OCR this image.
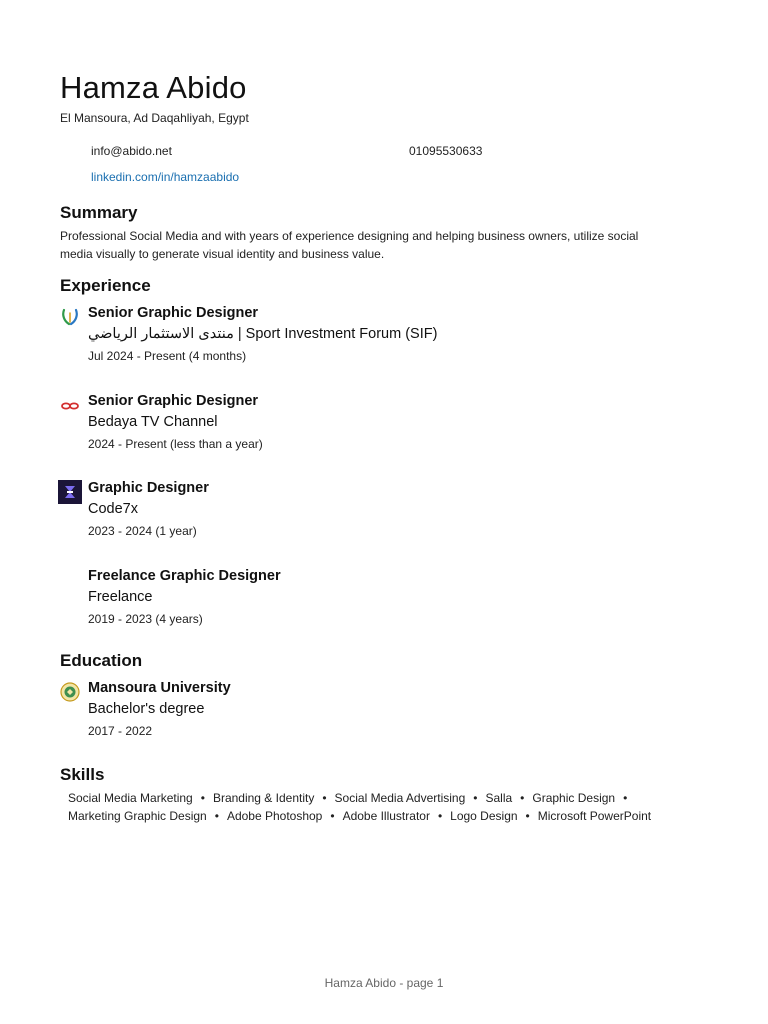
Hamza Abido
El Mansoura, Ad Daqahliyah, Egypt
info@abido.net	01095530633
linkedin.com/in/hamzaabido
Summary
Professional Social Media and with years of experience designing and helping business owners, utilize social
media visually to generate visual identity and business value.
Experience
Senior Graphic Designer
منتدى الاستثمار الرياضي | Sport Investment Forum (SIF)
Jul 2024 - Present (4 months)
Senior Graphic Designer
Bedaya TV Channel
2024 - Present (less than a year)
Graphic Designer
Code7x
2023 - 2024 (1 year)
Freelance Graphic Designer
Freelance
2019 - 2023 (4 years)
Education
Mansoura University
Bachelor's degree
2017 - 2022
Skills
Social Media Marketing • Branding & Identity • Social Media Advertising • Salla • Graphic Design •
Marketing Graphic Design • Adobe Photoshop • Adobe Illustrator • Logo Design • Microsoft PowerPoint
Hamza Abido - page 1
